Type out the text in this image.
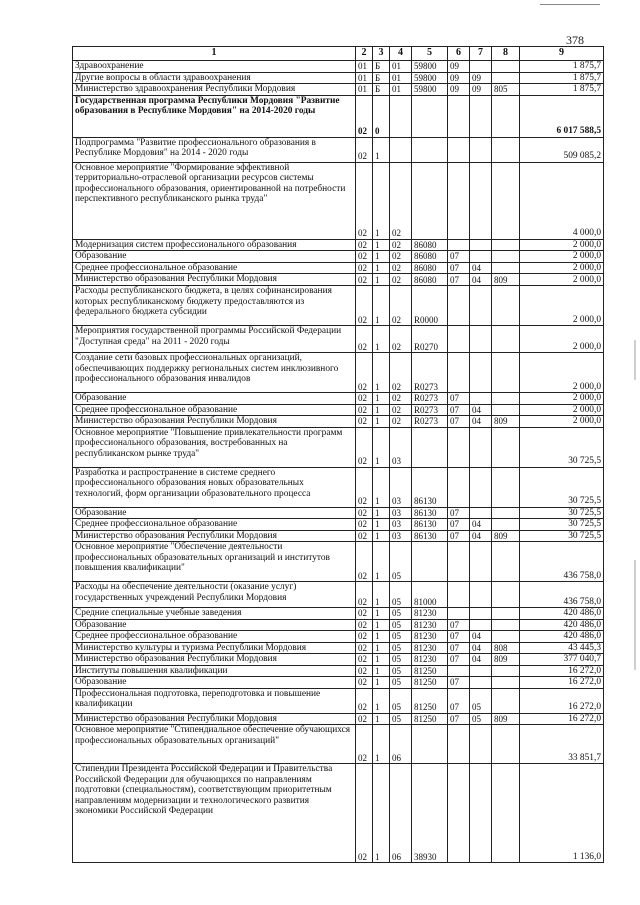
378
1	2	3	4	5	6	7	8	9
Здравоохранение	01	Б	01	59800	09			1 875,7
Другие вопросы в области здравоохранения	01	Б	01	59800	09	09		1 875,7
Министерство здравоохранения Республики Мордовия	01	Б	01	59800	09	09	805	1 875,7
Государственная программа Республики Мордовия "Развитие образования в Республике Мордовия" на 2014-2020 годы	02	0						6 017 588,5
Подпрограмма "Развитие профессионального образования в Республике Мордовия" на 2014 - 2020 годы	02	1						509 085,2
Основное мероприятие "Формирование эффективной территориально-отраслевой организации ресурсов системы профессионального образования, ориентированной на потребности перспективного республиканского рынка труда"	02	1	02					4 000,0
Модернизация систем профессионального образования	02	1	02	86080				2 000,0
Образование	02	1	02	86080	07			2 000,0
Среднее профессиональное образование	02	1	02	86080	07	04		2 000,0
Министерство образования Республики Мордовия	02	1	02	86080	07	04	809	2 000,0
Расходы республиканского бюджета, в целях софинансирования которых республиканскому бюджету предоставляются из федерального бюджета субсидии	02	1	02	R0000				2 000,0
Мероприятия государственной программы Российской Федерации "Доступная среда" на 2011 - 2020 годы	02	1	02	R0270				2 000,0
Создание сети базовых профессиональных организаций, обеспечивающих поддержку региональных систем инклюзивного профессионального образования инвалидов	02	1	02	R0273				2 000,0
Образование	02	1	02	R0273	07			2 000,0
Среднее профессиональное образование	02	1	02	R0273	07	04		2 000,0
Министерство образования Республики Мордовия	02	1	02	R0273	07	04	809	2 000,0
Основное мероприятие "Повышение привлекательности программ профессионального образования, востребованных на республиканском рынке труда"	02	1	03					30 725,5
Разработка и распространение в системе среднего профессионального образования новых образовательных технологий, форм организации образовательного процесса	02	1	03	86130				30 725,5
Образование	02	1	03	86130	07			30 725,5
Среднее профессиональное образование	02	1	03	86130	07	04		30 725,5
Министерство образования Республики Мордовия	02	1	03	86130	07	04	809	30 725,5
Основное мероприятие "Обеспечение деятельности профессиональных образовательных организаций и институтов повышения квалификации"	02	1	05					436 758,0
Расходы на обеспечение деятельности (оказание услуг) государственных учреждений Республики Мордовия	02	1	05	81000				436 758,0
Средние специальные учебные заведения	02	1	05	81230				420 486,0
Образование	02	1	05	81230	07			420 486,0
Среднее профессиональное образование	02	1	05	81230	07	04		420 486,0
Министерство культуры и туризма Республики Мордовия	02	1	05	81230	07	04	808	43 445,3
Министерство образования Республики Мордовия	02	1	05	81230	07	04	809	377 040,7
Институты повышения квалификации	02	1	05	81250				16 272,0
Образование	02	1	05	81250	07			16 272,0
Профессиональная подготовка, переподготовка и повышение квалификации	02	1	05	81250	07	05		16 272,0
Министерство образования Республики Мордовия	02	1	05	81250	07	05	809	16 272,0
Основное мероприятие "Стипендиальное обеспечение обучающихся профессиональных образовательных организаций"	02	1	06					33 851,7
Стипендии Президента Российской Федерации и Правительства Российской Федерации для обучающихся по направлениям подготовки (специальностям), соответствующим приоритетным направлениям модернизации и технологического развития экономики Российской Федерации	02	1	06	38930				1 136,0
